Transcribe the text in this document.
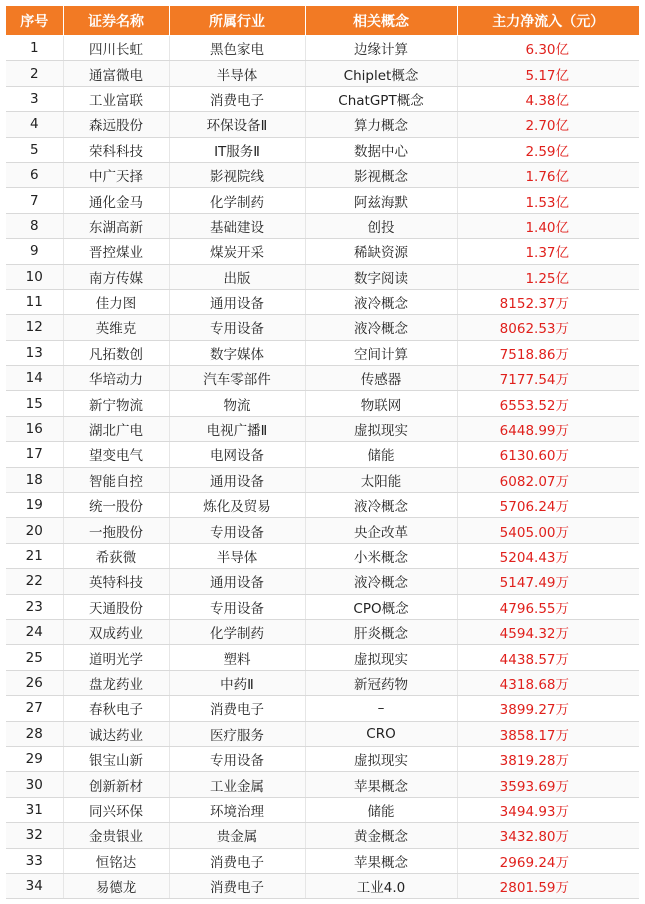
序号	证券名称	所属行业	相关概念	主力净流入（元）
1	四川长虹	黑色家电	边缘计算	6.30亿
2	通富微电	半导体	Chiplet概念	5.17亿
3	工业富联	消费电子	ChatGPT概念	4.38亿
4	森远股份	环保设备Ⅱ	算力概念	2.70亿
5	荣科科技	IT服务Ⅱ	数据中心	2.59亿
6	中广天择	影视院线	影视概念	1.76亿
7	通化金马	化学制药	阿兹海默	1.53亿
8	东湖高新	基础建设	创投	1.40亿
9	晋控煤业	煤炭开采	稀缺资源	1.37亿
10	南方传媒	出版	数字阅读	1.25亿
11	佳力图	通用设备	液冷概念	8152.37万
12	英维克	专用设备	液冷概念	8062.53万
13	凡拓数创	数字媒体	空间计算	7518.86万
14	华培动力	汽车零部件	传感器	7177.54万
15	新宁物流	物流	物联网	6553.52万
16	湖北广电	电视广播Ⅱ	虚拟现实	6448.99万
17	望变电气	电网设备	储能	6130.60万
18	智能自控	通用设备	太阳能	6082.07万
19	统一股份	炼化及贸易	液冷概念	5706.24万
20	一拖股份	专用设备	央企改革	5405.00万
21	希荻微	半导体	小米概念	5204.43万
22	英特科技	通用设备	液冷概念	5147.49万
23	天通股份	专用设备	CPO概念	4796.55万
24	双成药业	化学制药	肝炎概念	4594.32万
25	道明光学	塑料	虚拟现实	4438.57万
26	盘龙药业	中药Ⅱ	新冠药物	4318.68万
27	春秋电子	消费电子	–	3899.27万
28	诚达药业	医疗服务	CRO	3858.17万
29	银宝山新	专用设备	虚拟现实	3819.28万
30	创新新材	工业金属	苹果概念	3593.69万
31	同兴环保	环境治理	储能	3494.93万
32	金贵银业	贵金属	黄金概念	3432.80万
33	恒铭达	消费电子	苹果概念	2969.24万
34	易德龙	消费电子	工业4.0	2801.59万
